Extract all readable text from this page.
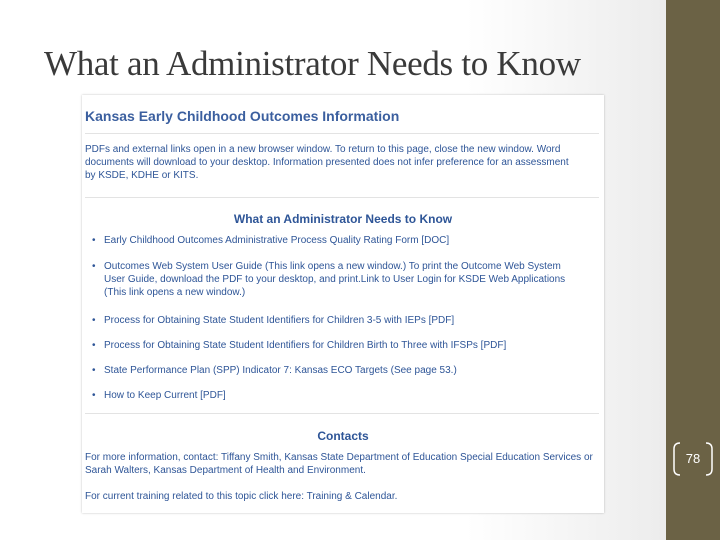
What an Administrator Needs to Know
Kansas Early Childhood Outcomes Information

PDFs and external links open in a new browser window. To return to this page, close the new window. Word documents will download to your desktop. Information presented does not infer preference for an assessment by KSDE, KDHE or KITS.

What an Administrator Needs to Know
• Early Childhood Outcomes Administrative Process Quality Rating Form [DOC]
• Outcomes Web System User Guide (This link opens a new window.) To print the Outcome Web System User Guide, download the PDF to your desktop, and print.Link to User Login for KSDE Web Applications (This link opens a new window.)
• Process for Obtaining State Student Identifiers for Children 3-5 with IEPs [PDF]
• Process for Obtaining State Student Identifiers for Children Birth to Three with IFSPs [PDF]
• State Performance Plan (SPP) Indicator 7: Kansas ECO Targets (See page 53.)
• How to Keep Current [PDF]
Contacts

For more information, contact: Tiffany Smith, Kansas State Department of Education Special Education Services or Sarah Walters, Kansas Department of Health and Environment.

For current training related to this topic click here: Training & Calendar.

78
